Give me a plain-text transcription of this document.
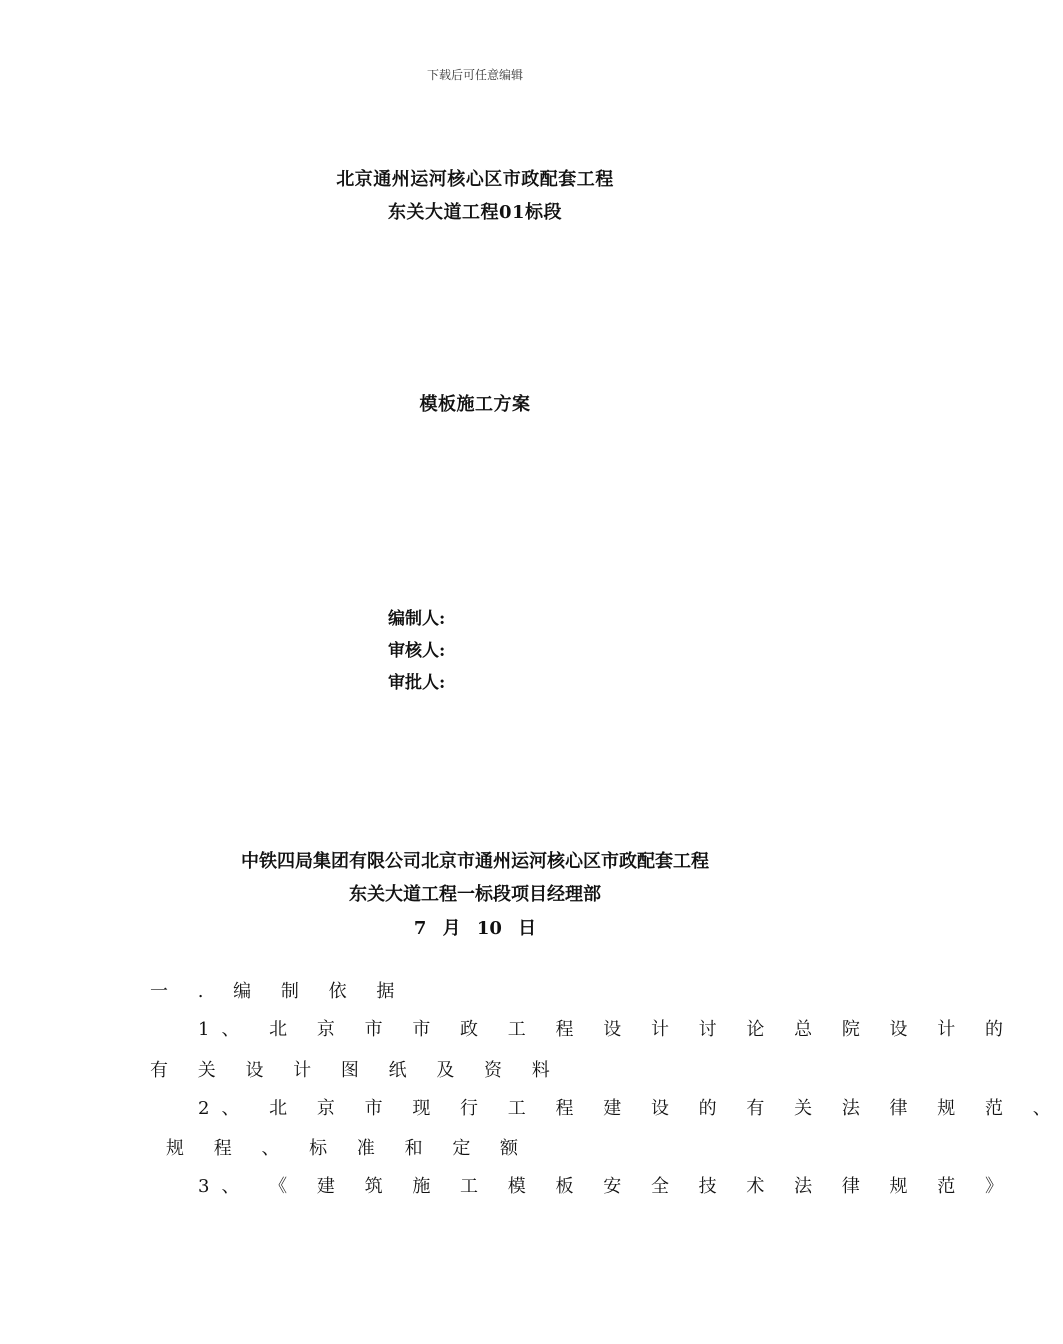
下载后可任意编辑
北京通州运河核心区市政配套工程
东关大道工程01标段
模板施工方案
编制人:
审核人:
审批人:
中铁四局集团有限公司北京市通州运河核心区市政配套工程
东关大道工程一标段项目经理部
7 月 10 日
一 . 编 制 依 据
1、 北 京 市 市 政 工 程 设 计 讨 论 总 院 设 计 的
有 关 设 计 图 纸 及 资 料
2、 北 京 市 现 行 工 程 建 设 的 有 关 法 律 规 范 、
规 程 、 标 准 和 定 额
3、 《 建 筑 施 工 模 板 安 全 技 术 法 律 规 范 》
